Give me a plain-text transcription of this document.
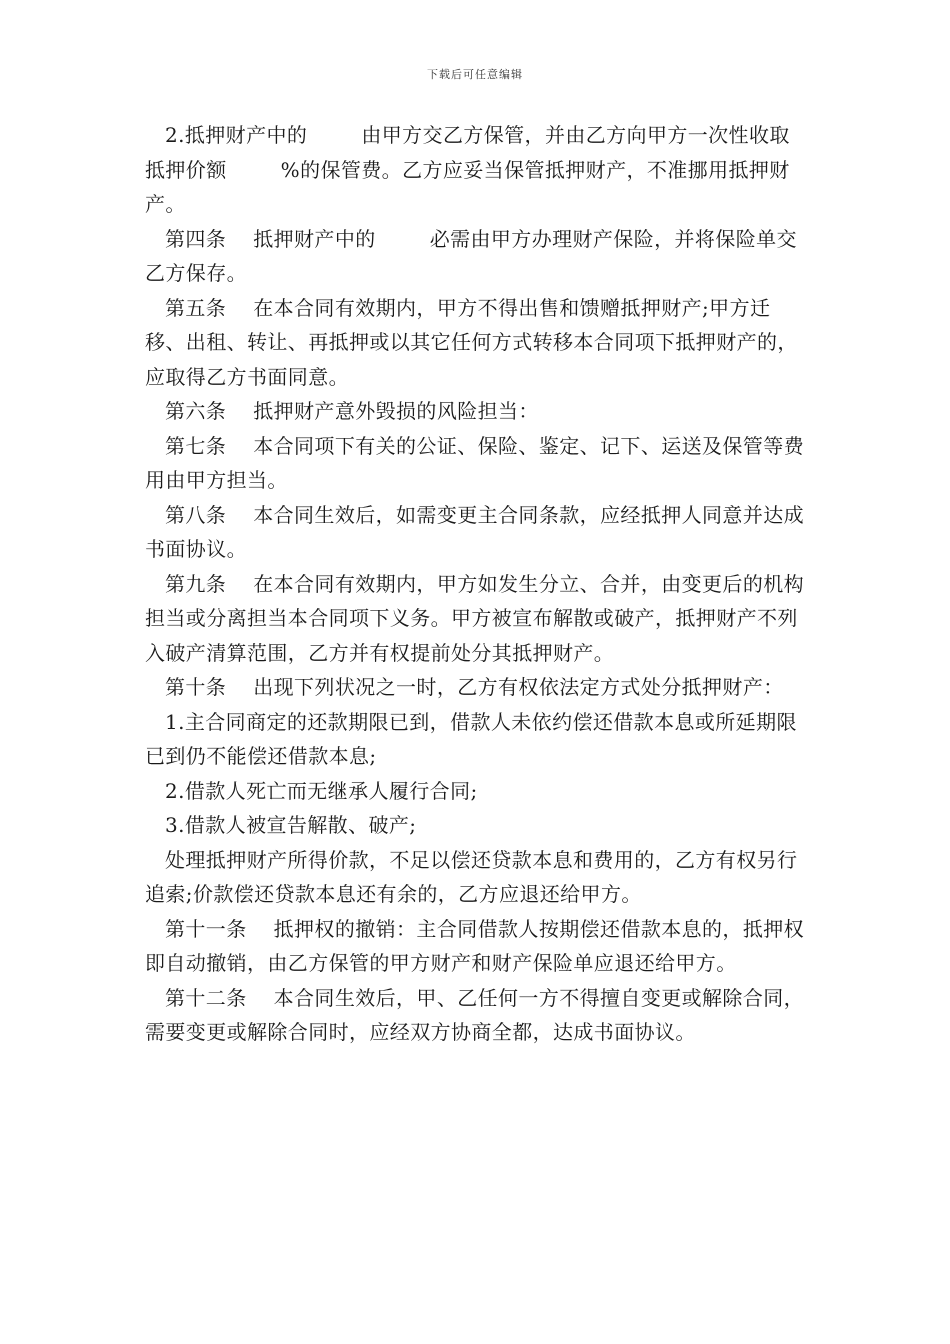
下载后可任意编辑

2.抵押财产中的        由甲方交乙方保管，并由乙方向甲方一次性收取抵押价额        %的保管费。乙方应妥当保管抵押财产，不准挪用抵押财产。

第四条    抵押财产中的        必需由甲方办理财产保险，并将保险单交乙方保存。

第五条    在本合同有效期内，甲方不得出售和馈赠抵押财产;甲方迁移、出租、转让、再抵押或以其它任何方式转移本合同项下抵押财产的，应取得乙方书面同意。

第六条    抵押财产意外毁损的风险担当：

第七条    本合同项下有关的公证、保险、鉴定、记下、运送及保管等费用由甲方担当。

第八条    本合同生效后，如需变更主合同条款，应经抵押人同意并达成书面协议。

第九条    在本合同有效期内，甲方如发生分立、合并，由变更后的机构担当或分离担当本合同项下义务。甲方被宣布解散或破产，抵押财产不列入破产清算范围，乙方并有权提前处分其抵押财产。

第十条    出现下列状况之一时，乙方有权依法定方式处分抵押财产：

1.主合同商定的还款期限已到，借款人未依约偿还借款本息或所延期限已到仍不能偿还借款本息;

2.借款人死亡而无继承人履行合同;

3.借款人被宣告解散、破产;

处理抵押财产所得价款，不足以偿还贷款本息和费用的，乙方有权另行追索;价款偿还贷款本息还有余的，乙方应退还给甲方。

第十一条    抵押权的撤销：主合同借款人按期偿还借款本息的，抵押权即自动撤销，由乙方保管的甲方财产和财产保险单应退还给甲方。

第十二条    本合同生效后，甲、乙任何一方不得擅自变更或解除合同，需要变更或解除合同时，应经双方协商全都，达成书面协议。
